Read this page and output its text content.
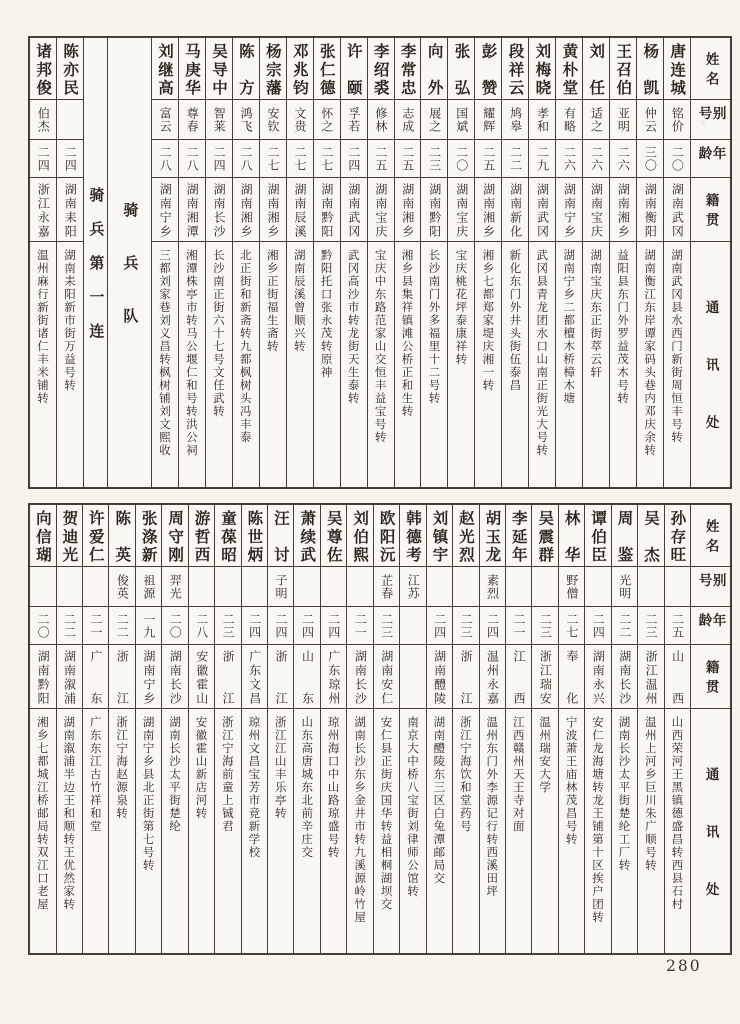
姓名
别号
年龄
籍贯
通讯处
唐连城
铭价
二〇
湖南武冈
湖南武冈县水西门新街周恒丰号转
杨凯
仲云
三〇
湖南衡阳
湖南衡江东岸谭家码头巷内邓庆余转
王召伯
亚明
二六
湖南湘乡
益阳县东门外罗益茂木号转
刘任
适之
二六
湖南宝庆
湖南宝庆东正街萃云轩
黄朴堂
有略
二六
湖南宁乡
湖南宁乡二都檀木桥樟木塘
刘梅晓
孝和
二九
湖南武冈
武冈县青龙团水口山南正街光大号转
段祥云
鸠皋
二二
湖南新化
新化东门外井头街伍泰昌
彭赞
耀辉
二五
湖南湘乡
湘乡七都郑家堤庆湘一转
张弘
国斌
二〇
湖南宝庆
宝庆桃花坪泰康祥转
向外
展之
二三
湖南黔阳
长沙南门外多福里十二号转
李常忠
志成
二五
湖南湘乡
湘乡县集祥镇滩公桥正和生转
李绍裘
修林
二五
湖南宝庆
宝庆中东路范家山交恒丰益宝号转
许颐
孚若
二四
湖南武冈
武冈高沙市转龙街天生泰转
张仁德
怀之
二七
湖南黔阳
黔阳托口张永茂转原神
邓兆钧
文贵
二七
湖南辰溪
湖南辰溪曾顺兴转
杨宗藩
安钦
二七
湖南湘乡
湘乡正街福生斋转
陈方
鸿飞
二八
湖南湘乡
北正街和新斋转九都枫树头冯丰泰
吴导中
智莱
二四
湖南长沙
长沙南正街六十七号文任武转
马庚华
尊春
二八
湖南湘潭
湘潭株亭市转马公堰仁和号转洪公祠
刘继高
富云
二八
湖南宁乡
三都刘家巷刘义昌转枫树铺刘文熙收
骑兵队
骑兵第一连
陈亦民
二四
湖南耒阳
湖南耒阳新市街万益号转
诸邦俊
伯杰
二四
浙江永嘉
温州麻行新街诸仁丰米铺转
姓名
别号
年龄
籍贯
通讯处
孙存旺
二五
山西
山西荣河王黑镇德盛昌转西县石村
吴杰
二三
浙江温州
温州上河乡巨川朱广顺号转
周鉴
光明
二二
湖南长沙
湖南长沙太平街楚纶工厂转
谭伯臣
二四
湖南永兴
安仁龙海塘转龙王铺第十区挨户团转
林华
野僧
二七
奉化
宁波萧王庙林茂昌号转
吴震群
二三
浙江瑞安
温州瑞安大学
李延年
二一
江西
江西赣州天王寺对面
胡玉龙
素烈
二四
温州永嘉
温州东门外李源记行转西溪田坪
赵光烈
二三
浙江
浙江宁海饮和堂药号
刘镇宇
二四
湖南醴陵
湖南醴陵东三区白兔潭邮局交
韩德考
江苏
南京大中桥八宝街刘律师公馆转
欧阳沅
芷春
二三
湖南安仁
安仁县正街庆国华转益相桐湖坝交
刘伯熙
二一
湖南长沙
湖南长沙东乡金井市转九溪源岭竹屋
吴尊佐
二四
广东琼州
琼州海口中山路琼盛号转
萧续武
二四
山东
山东高唐城东北前辛庄交
汪讨
子明
二四
浙江
浙江江山丰乐亭转
陈世炳
二四
广东文昌
琼州文昌宝芳市竞新学校
童葆昭
二三
浙江
浙江宁海前童上铖君
游哲西
二八
安徽霍山
安徽霍山新店河转
周守刚
羿光
二〇
湖南长沙
湖南长沙太平街楚纶
张涤新
祖源
一九
湖南宁乡
湖南宁乡县北正街第七号转
陈英
俊英
二二
浙江
浙江宁海赵源泉转
许爱仁
二一
广东
广东东江古竹祥和堂
贺迪光
二二
湖南溆浦
湖南溆浦半边王和顺转王优然家转
向信瑚
二〇
湖南黔阳
湘乡七都城江桥邮局转双江口老屋
280
